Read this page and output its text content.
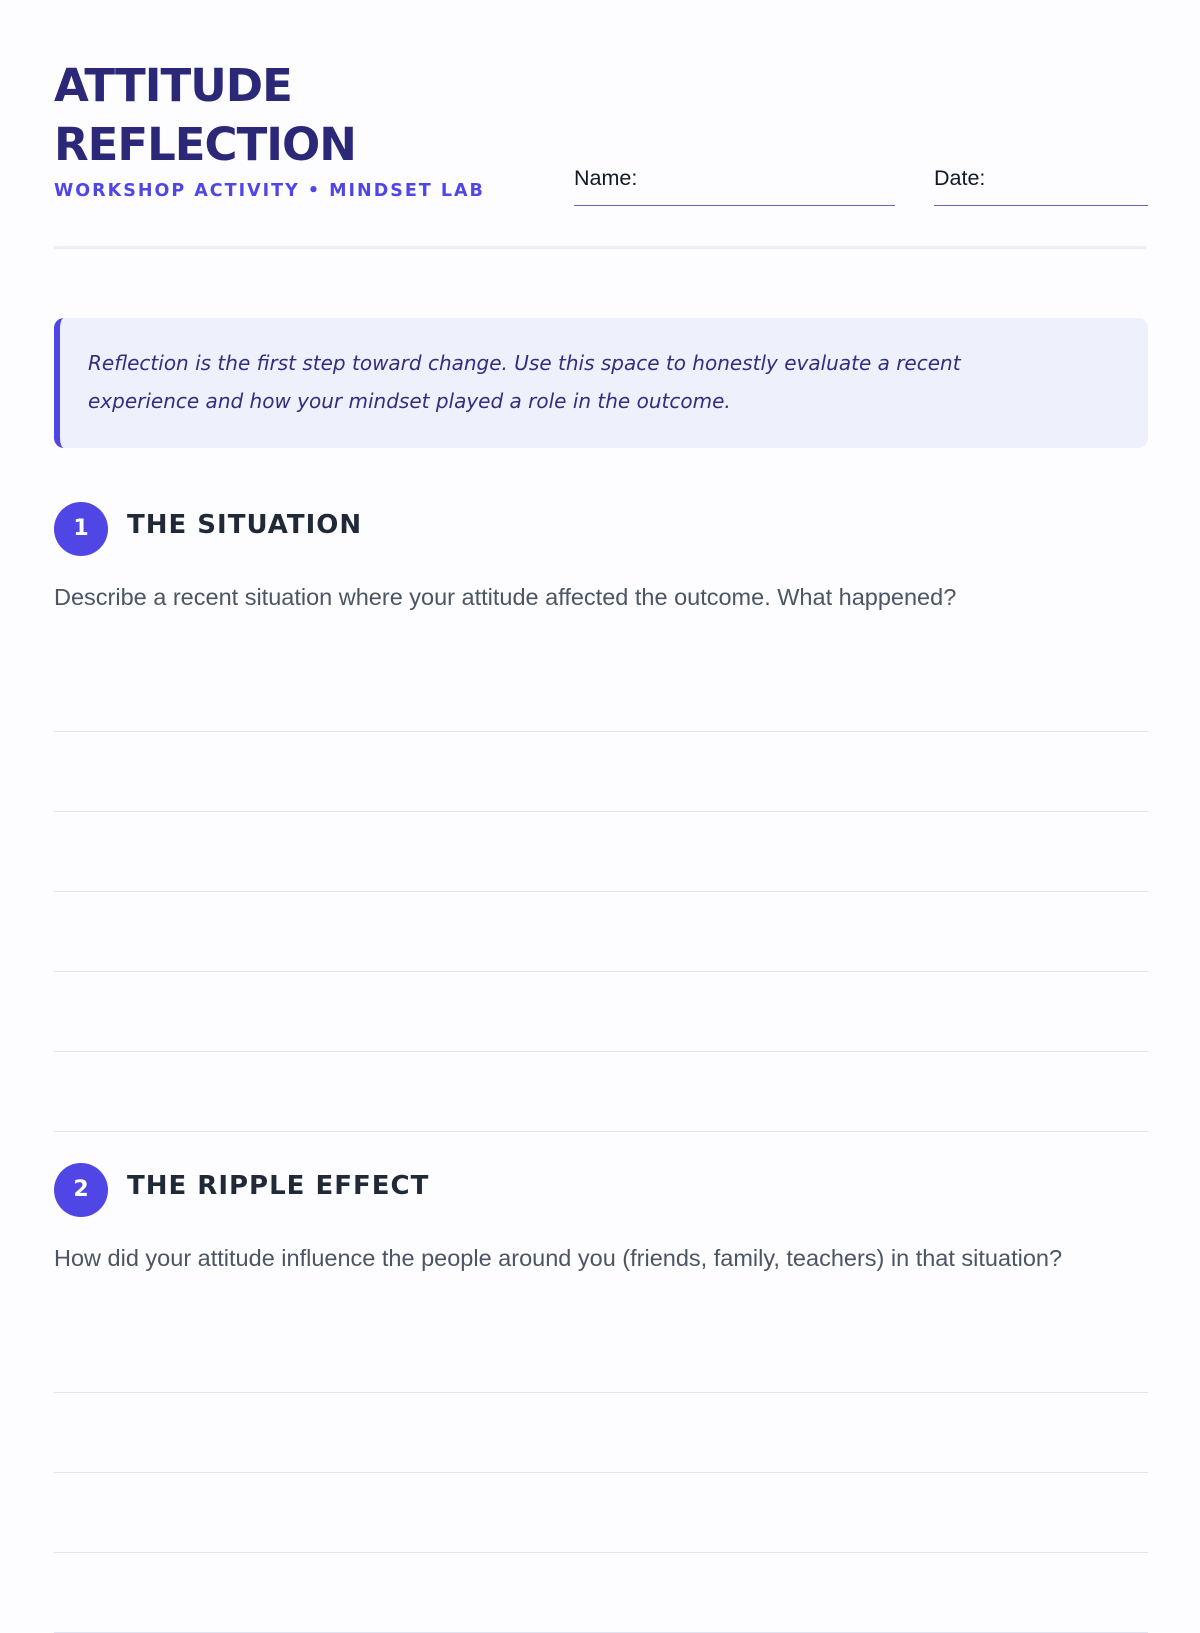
ATTITUDE
REFLECTION
WORKSHOP ACTIVITY • MINDSET LAB
Name:	Date:

Reflection is the first step toward change. Use this space to honestly evaluate a recent experience and how your mindset played a role in the outcome.

1	THE SITUATION
Describe a recent situation where your attitude affected the outcome. What happened?
2	THE RIPPLE EFFECT
How did your attitude influence the people around you (friends, family, teachers) in that situation?
